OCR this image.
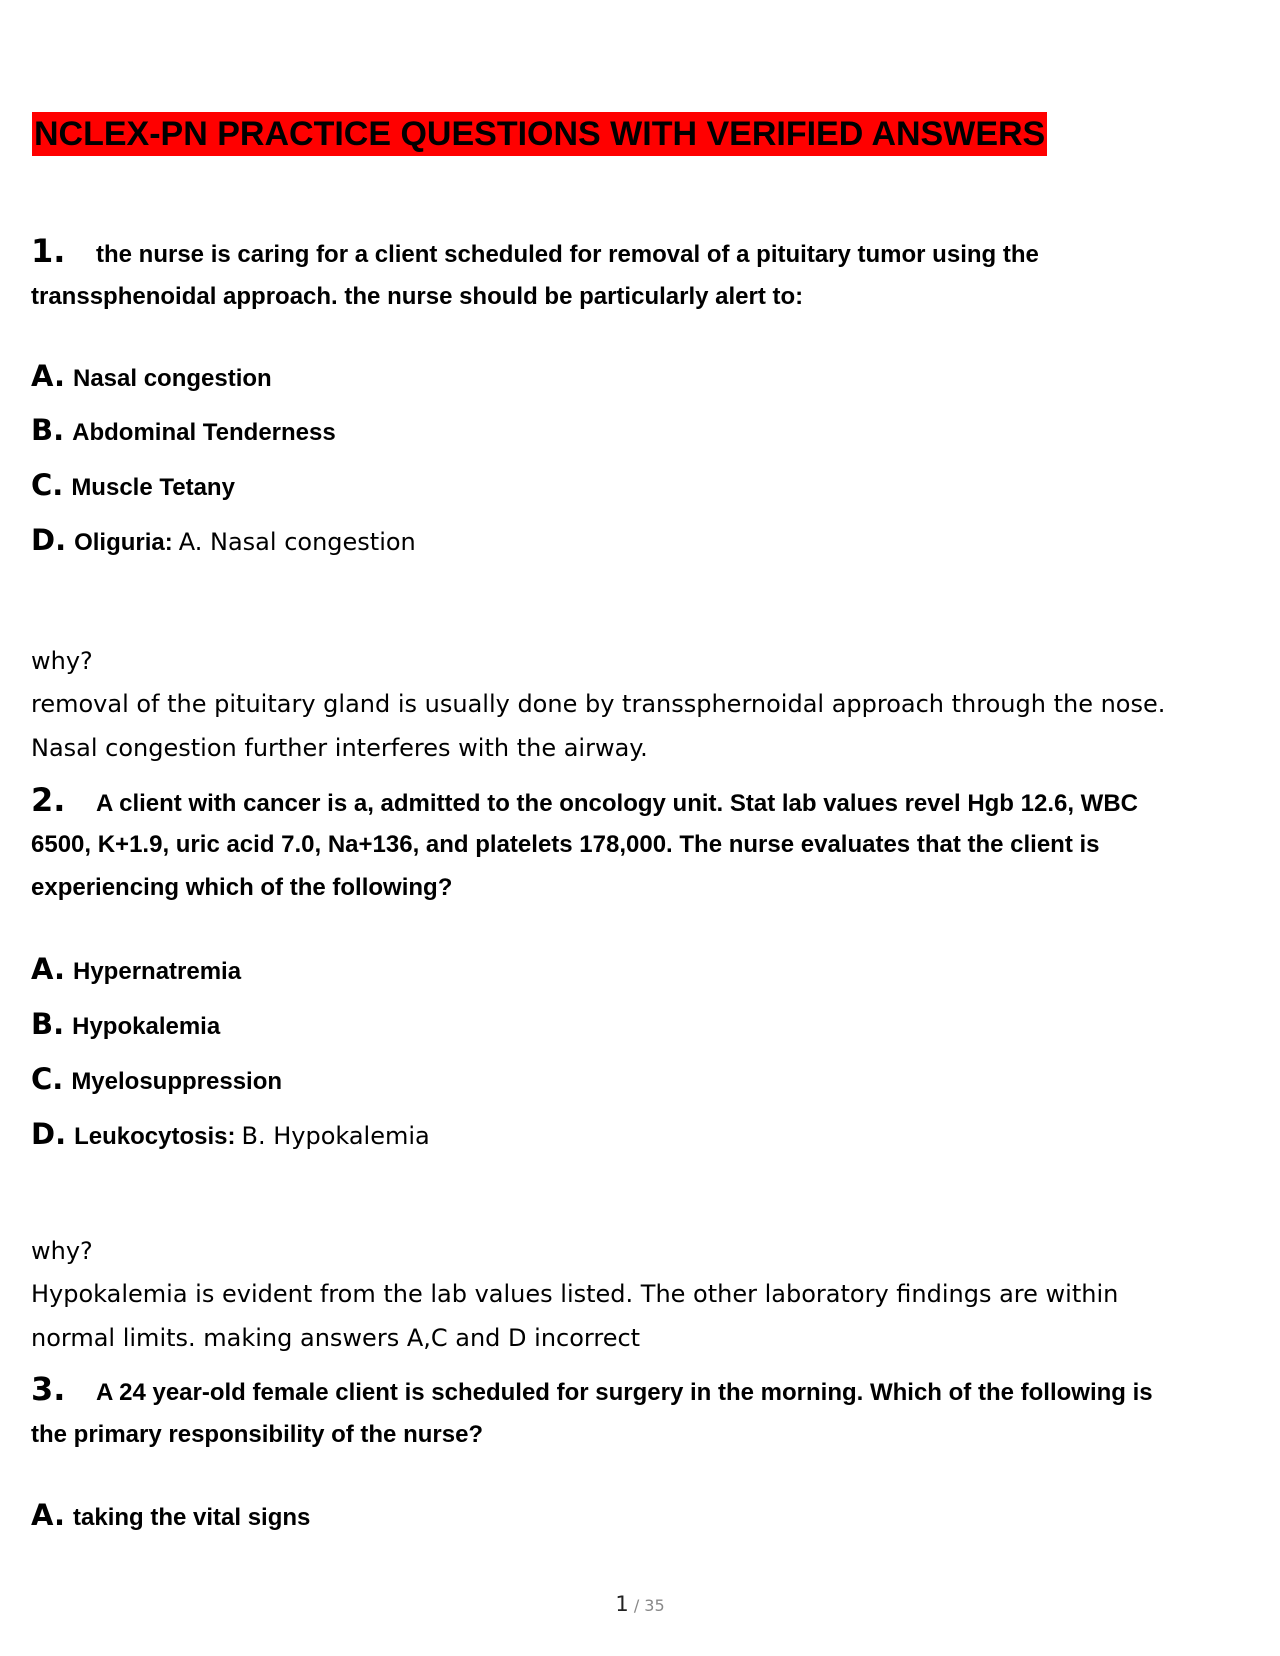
NCLEX-PN PRACTICE QUESTIONS WITH VERIFIED ANSWERS
1. the nurse is caring for a client scheduled for removal of a pituitary tumor using the
transsphenoidal approach. the nurse should be particularly alert to:
A. Nasal congestion
B. Abdominal Tenderness
C. Muscle Tetany
D. Oliguria: A. Nasal congestion
why?
removal of the pituitary gland is usually done by transsphernoidal approach through the nose.
Nasal congestion further interferes with the airway.
2. A client with cancer is a, admitted to the oncology unit. Stat lab values revel Hgb 12.6, WBC
6500, K+1.9, uric acid 7.0, Na+136, and platelets 178,000. The nurse evaluates that the client is
experiencing which of the following?
A. Hypernatremia
B. Hypokalemia
C. Myelosuppression
D. Leukocytosis: B. Hypokalemia
why?
Hypokalemia is evident from the lab values listed. The other laboratory findings are within
normal limits. making answers A,C and D incorrect
3. A 24 year-old female client is scheduled for surgery in the morning. Which of the following is
the primary responsibility of the nurse?
A. taking the vital signs
1 / 35
